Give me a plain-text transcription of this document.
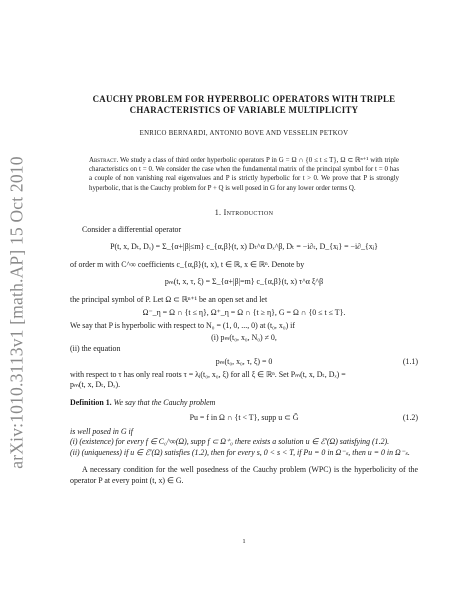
arXiv:1010.3113v1 [math.AP] 15 Oct 2010
CAUCHY PROBLEM FOR HYPERBOLIC OPERATORS WITH TRIPLE
CHARACTERISTICS OF VARIABLE MULTIPLICITY
ENRICO BERNARDI, ANTONIO BOVE AND VESSELIN PETKOV
Abstract. We study a class of third order hyperbolic operators P in G = Ω ∩ {0 ≤ t ≤ T}, Ω ⊂ ℝⁿ⁺¹ with triple characteristics on t = 0. We consider the case when the fundamental matrix of the principal symbol for t = 0 has a couple of non vanishing real eigenvalues and P is strictly hyperbolic for t > 0. We prove that P is strongly hyperbolic, that is the Cauchy problem for P + Q is well posed in G for any lower order terms Q.
1. Introduction
Consider a differential operator
P(t, x, Dₜ, Dₓ) = Σ_{α+|β|≤m} c_{α,β}(t, x) Dₜ^α Dₓ^β, Dₜ = −i∂ₜ, D_{xⱼ} = −i∂_{xⱼ}
of order m with C^∞ coefficients c_{α,β}(t, x), t ∈ ℝ, x ∈ ℝⁿ. Denote by
pₘ(t, x, τ, ξ) = Σ_{α+|β|=m} c_{α,β}(t, x) τ^α ξ^β
the principal symbol of P. Let Ω ⊂ ℝⁿ⁺¹ be an open set and let
Ω⁻_η = Ω ∩ {t ≤ η}, Ω⁺_η = Ω ∩ {t ≥ η}, G = Ω ∩ {0 ≤ t ≤ T}.
We say that P is hyperbolic with respect to N₀ = (1, 0, ..., 0) at (t₀, x₀) if
(i) pₘ(t₀, x₀, N₀) ≠ 0,
(ii) the equation
pₘ(t₀, x₀, τ, ξ) = 0	(1.1)
with respect to τ has only real roots τ = λⱼ(t₀, x₀, ξ) for all ξ ∈ ℝⁿ. Set Pₘ(t, x, Dₜ, Dₓ) =
pₘ(t, x, Dₜ, Dₓ).
Definition 1. We say that the Cauchy problem
Pu = f in Ω ∩ {t < T}, supp u ⊂ Ḡ	(1.2)
is well posed in G if
(i) (existence) for every f ∈ C₀^∞(Ω), supp f ⊂ Ω⁺₀ there exists a solution u ∈ ℰ′(Ω) satisfying (1.2).
(ii) (uniqueness) if u ∈ ℰ′(Ω) satisfies (1.2), then for every s, 0 < s < T, if Pu = 0 in Ω⁻ₛ, then u = 0 in Ω⁻ₛ.
A necessary condition for the well posedness of the Cauchy problem (WPC) is the hyperbolicity of the operator P at every point (t, x) ∈ G.
1
